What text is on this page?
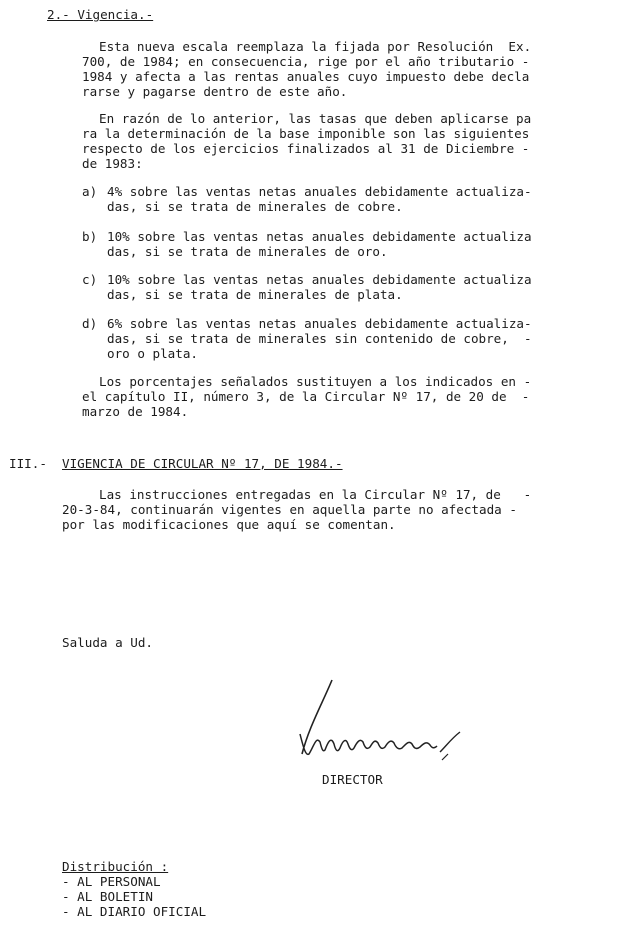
2.- Vigencia.-
Esta nueva escala reemplaza la fijada por Resolución  Ex.
700, de 1984; en consecuencia, rige por el año tributario -
1984 y afecta a las rentas anuales cuyo impuesto debe decla
rarse y pagarse dentro de este año.
En razón de lo anterior, las tasas que deben aplicarse pa
ra la determinación de la base imponible son las siguientes
respecto de los ejercicios finalizados al 31 de Diciembre -
de 1983:
a) 4% sobre las ventas netas anuales debidamente actualiza-
das, si se trata de minerales de cobre.
b) 10% sobre las ventas netas anuales debidamente actualiza
das, si se trata de minerales de oro.
c) 10% sobre las ventas netas anuales debidamente actualiza
das, si se trata de minerales de plata.
d) 6% sobre las ventas netas anuales debidamente actualiza-
das, si se trata de minerales sin contenido de cobre,  -
oro o plata.
Los porcentajes señalados sustituyen a los indicados en -
el capítulo II, número 3, de la Circular Nº 17, de 20 de  -
marzo de 1984.
III.- VIGENCIA DE CIRCULAR Nº 17, DE 1984.-
Las instrucciones entregadas en la Circular Nº 17, de   -
20-3-84, continuarán vigentes en aquella parte no afectada -
por las modificaciones que aquí se comentan.
Saluda a Ud.
DIRECTOR
Distribución :
- AL PERSONAL
- AL BOLETIN
- AL DIARIO OFICIAL
